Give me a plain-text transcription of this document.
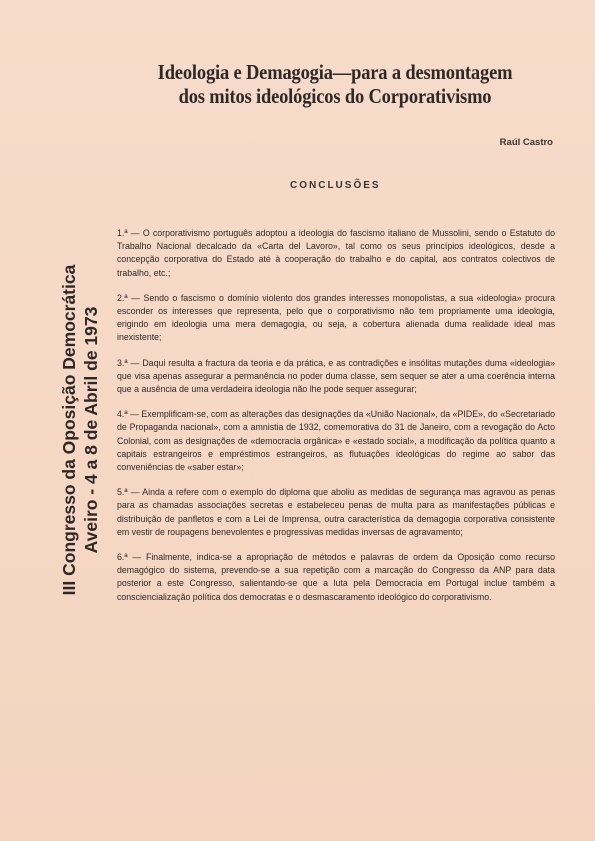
Ideologia e Demagogia—para a desmontagem
dos mitos ideológicos do Corporativismo
Raúl Castro
CONCLUSÕES
III Congresso da Oposição Democrática Aveiro - 4 a 8 de Abril de 1973
1.ª — O corporativismo português adoptou a ideologia do fascismo italiano de Mussolini, sendo o Estatuto do Trabalho Nacional decalcado da «Carta del Lavoro», tal como os seus princípios ideológicos, desde a concepção corporativa do Estado até à cooperação do trabalho e do capital, aos contratos colectivos de trabalho, etc.;
2.ª — Sendo o fascismo o domínio violento dos grandes interesses monopolistas, a sua «ideologia» procura esconder os interesses que representa, pelo que o corporativismo não tem propriamente uma ideologia, erigindo em ideologia uma mera demagogia, ou seja, a cobertura alienada duma realidade ideal mas inexistente;
3.ª — Daqui resulta a fractura da teoria e da prática, e as contradições e insólitas mutações duma «ideologia» que visa apenas assegurar a permanência no poder duma classe, sem sequer se ater a uma coerência interna que a ausência de uma verdadeira ideologia não lhe pode sequer assegurar;
4.ª — Exemplificam-se, com as alterações das designações da «União Nacional», da «PIDE», do «Secretariado de Propaganda nacional», com a amnistia de 1932, comemorativa do 31 de Janeiro, com a revogação do Acto Colonial, com as designações de «democracia orgânica» e «estado social», a modificação da política quanto a capitais estrangeiros e empréstimos estrangeiros, as flutuações ideológicas do regime ao sabor das conveniências de «saber estar»;
5.ª — Ainda a refere com o exemplo do diploma que aboliu as medidas de segurança mas agravou as penas para as chamadas associações secretas e estabeleceu penas de multa para as manifestações públicas e distribuição de panfletos e com a Lei de Imprensa, outra característica da demagogia corporativa consistente em vestir de roupagens benevolentes e progressivas medidas inversas de agravamento;
6.ª — Finalmente, indica-se a apropriação de métodos e palavras de ordem da Oposição como recurso demagógico do sistema, prevendo-se a sua repetição com a marcação do Congresso da ANP para data posterior a este Congresso, salientando-se que a luta pela Democracia em Portugal inclue também a consciencialização política dos democratas e o desmascaramento ideológico do corporativismo.
